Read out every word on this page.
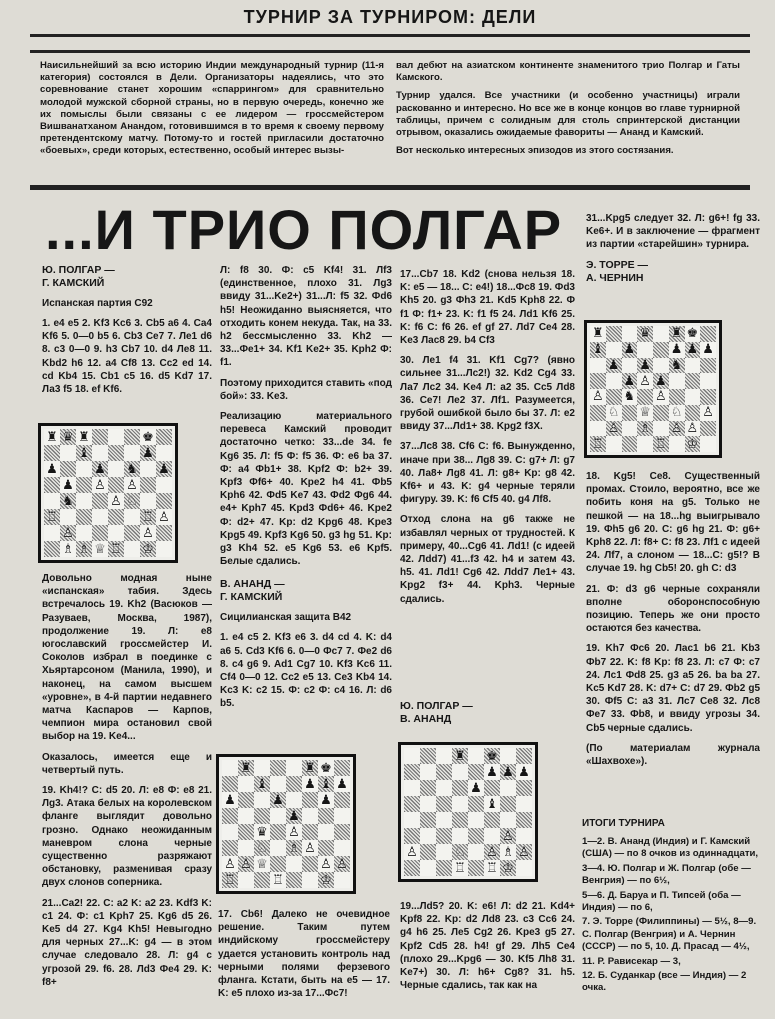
ТУРНИР ЗА ТУРНИРОМ: ДЕЛИ

Наисильнейший за всю историю Индии международный турнир (11-я категория) состоялся в Дели. Организаторы надеялись, что это соревнование станет хорошим «спаррингом» для сравнительно молодой мужской сборной страны, но в первую очередь, конечно же их помыслы были связаны с ее лидером — гроссмейстером Вишванатханом Анандом, готовившимся в то время к своему первому претендентскому матчу. Потому-то и гостей пригласили достаточно «боевых», среди которых, естественно, особый интерес вызы-

вал дебют на азиатском континенте знаменитого трио Полгар и Гаты Камского.

Турнир удался. Все участники (и особенно участницы) играли раскованно и интересно. Но все же в конце концов во главе турнирной таблицы, причем с солидным для столь спринтерской дистанции отрывом, оказались ожидаемые фавориты — Ананд и Камский.

Вот несколько интересных эпизодов из этого состязания.

...И ТРИО ПОЛГАР

Ю. ПОЛГАР —
Г. КАМСКИЙ

Испанская партия С92

1. e4 e5 2. Kf3 Kc6 3. Cb5 a6 4. Ca4 Kf6 5. 0—0 b5 6. Cb3 Ce7 7. Ле1 d6 8. c3 0—0 9. h3 Cb7 10. d4 Ле8 11. Kbd2 h6 12. a4 Cf8 13. Cc2 ed 14. cd Kb4 15. Cb1 c5 16. d5 Kd7 17. Ла3 f5 18. ef Kf6.

♜ ♛ ♜	♚
♝	♟
♟	♟ ♞ ♟
♟ ♙ ♙
♞	♙ ♘
♖	♖ ♙
♙	♙
♗ ♗ ♕ ♖ ♔

Довольно модная ныне «испанская» табия. Здесь встречалось 19. Kh2 (Васюков — Разуваев, Москва, 1987), продолжение 19. Л: e8 югославский гроссмейстер И. Соколов избрал в поединке с Хьяртарсоном (Манила, 1990), и наконец, на самом высшем «уровне», в 4-й партии недавнего матча Каспаров — Карпов, чемпион мира остановил свой выбор на 19. Ke4...

Оказалось, имеется еще и четвертый путь.

19. Kh4!? C: d5 20. Л: e8 Ф: e8 21. Лg3. Атака белых на королевском фланге выглядит довольно грозно. Однако неожиданным маневром слона черные существенно разряжают обстановку, разменивая сразу двух слонов соперника.

21...Ca2! 22. C: a2 K: a2 23. Kdf3 K: c1 24. Ф: c1 Kph7 25. Kg6 d5 26. Ke5 d4 27. Kg4 Kh5! Невыгодно для черных 27...K: g4 — в этом случае следовало 28. Л: g4 с угрозой 29. f6. 28. Лd3 Фe4 29. K: f8+

Л: f8 30. Ф: c5 Kf4! 31. Лf3 (единственное, плохо 31. Лg3 ввиду 31...Ke2+) 31...Л: f5 32. Фd6 h5! Неожиданно выясняется, что отходить конем некуда. Так, на 33. h2 бессмысленно 33. Kh2 — 33...Фe1+ 34. Kf1 Ke2+ 35. Kph2 Ф: f1.

Поэтому приходится ставить «под бой»: 33. Ke3.

Реализацию материального перевеса Камский проводит достаточно четко: 33...de 34. fe Kg6 35. Л: f5 Ф: f5 36. Ф: e6 ba 37. Ф: a4 Фb1+ 38. Kpf2 Ф: b2+ 39. Kpf3 Фf6+ 40. Kpe2 h4 41. Фb5 Kph6 42. Фd5 Ke7 43. Фd2 Фg6 44. e4+ Kph7 45. Kpd3 Фd6+ 46. Kpe2 Ф: d2+ 47. Kp: d2 Kpg6 48. Kpe3 Kpg5 49. Kpf3 Kg6 50. g3 hg 51. Kp: g3 Kh4 52. e5 Kg6 53. e6 Kpf5. Белые сдались.

В. АНАНД —
Г. КАМСКИЙ

Сицилианская защита В42

1. e4 c5 2. Kf3 e6 3. d4 cd 4. K: d4 a6 5. Cd3 Kf6 6. 0—0 Фc7 7. Фe2 d6 8. c4 g6 9. Ad1 Cg7 10. Kf3 Kc6 11. Cf4 0—0 12. Cc2 e5 13. Ce3 Kb4 14. Kc3 K: c2 15. Ф: c2 Ф: c4 16. Л: d6 b5.

♜	♜ ♚
♝	♟ ♝ ♟
♟	♟	♟
♟
♛ ♙
♘ ♗ ♙
♙ ♙ ♕	♙ ♙
♖	♖	♔

17. Cb6! Далеко не очевидное решение. Таким путем индийскому гроссмейстеру удается установить контроль над черными полями ферзевого фланга. Кстати, быть на e5 — 17. K: e5 плохо из-за 17...Фc7!

17...Cb7 18. Kd2 (снова нельзя 18. K: e5 — 18... C: e4!) 18...Фc8 19. Фd3 Kh5 20. g3 Фh3 21. Kd5 Kph8 22. Ф f1 Ф: f1+ 23. K: f1 f5 24. Лd1 Kf6 25. K: f6 C: f6 26. ef gf 27. Лd7 Ce4 28. Ke3 Лac8 29. b4 Cf3

30. Ле1 f4 31. Kf1 Cg7? (явно сильнее 31...Лc2!) 32. Kd2 Cg4 33. Ла7 Лc2 34. Ke4 Л: a2 35. Cc5 Лd8 36. Ce7! Ле2 37. Лf1. Разумеется, грубой ошибкой было бы 37. Л: e2 ввиду 37...Лd1+ 38. Kpg2 f3X.

37...Лc8 38. Cf6 C: f6. Вынужденно, иначе при 38... Лg8 39. C: g7+ Л: g7 40. Ла8+ Лg8 41. Л: g8+ Kp: g8 42. Kf6+ и 43. K: g4 черные теряли фигуру. 39. K: f6 Cf5 40. g4 Лf8.

Отход слона на g6 также не избавлял черных от трудностей. К примеру, 40...Cg6 41. Лd1! (с идеей 42. Лdd7) 41...f3 42. h4 и затем 43. h5. 41. Лd1! Cg6 42. Лdd7 Ле1+ 43. Kpg2 f3+ 44. Kph3. Черные сдались.

Ю. ПОЛГАР —
В. АНАНД

♜ ♚
♟ ♟ ♟
♟
♝
♙
♙	♘ ♙ ♗ ♙
♖ ♖ ♔

19...Лd5? 20. K: e6! Л: d2 21. Kd4+ Kpf8 22. Kp: d2 Лd8 23. c3 Cc6 24. g4 h6 25. Ле5 Cg2 26. Kpe3 g5 27. Kpf2 Cd5 28. h4! gf 29. Лh5 Ce4 (плохо 29...Kpg6 — 30. Kf5 Лh8 31. Ke7+) 30. Л: h6+ Cg8? 31. h5. Черные сдались, так как на

31...Kpg5 следует 32. Л: g6+! fg 33. Ke6+. И в заключение — фрагмент из партии «старейшин» турнира.

Э. ТОРРЕ —
А. ЧЕРНИН

♜	♛ ♜ ♚
♝ ♟	♟ ♟ ♟
♟ ♟ ♞
♟ ♙ ♟
♙ ♞ ♙
♘ ♕ ♘ ♙
♙ ♗ ♙ ♙
♖	♖ ♔

18. Kg5! Ce8. Существенный промах. Стоило, вероятно, все же побить коня на g5. Только не пешкой — на 18...hg выигрывало 19. Фh5 g6 20. C: g6 hg 21. Ф: g6+ Kph8 22. Л: f8+ C: f8 23. Лf1 с идеей 24. Лf7, а слоном — 18...C: g5!? В случае 19. hg Cb5! 20. gh C: d3

21. Ф: d3 g6 черные сохраняли вполне оборонспособную позицию. Теперь же они просто остаются без качества.

19. Kh7 Фc6 20. Лac1 b6 21. Kb3 Фb7 22. K: f8 Kp: f8 23. Л: c7 Ф: c7 24. Лc1 Фd8 25. g3 a5 26. ba ba 27. Kc5 Kd7 28. K: d7+ C: d7 29. Фb2 g5 30. Фf5 C: a3 31. Лc7 Ce8 32. Лc8 Фe7 33. Фb8, и ввиду угрозы 34. Cb5 черные сдались.

(По материалам журнала «Шахвохе»).

ИТОГИ ТУРНИРА

1—2. В. Ананд (Индия) и Г. Камский (США) — по 8 очков из одиннадцати,

3—4. Ю. Полгар и Ж. Полгар (обе — Венгрия) — по 6½,

5—6. Д. Баруа и П. Типсей (оба — Индия) — по 6,

7. Э. Торре (Филиппины) — 5½, 8—9. С. Полгар (Венгрия) и А. Чернин (СССР) — по 5, 10. Д. Прасад — 4½,

11. Р. Рависекар — 3,

12. Б. Суданкар (все — Индия) — 2 очка.
